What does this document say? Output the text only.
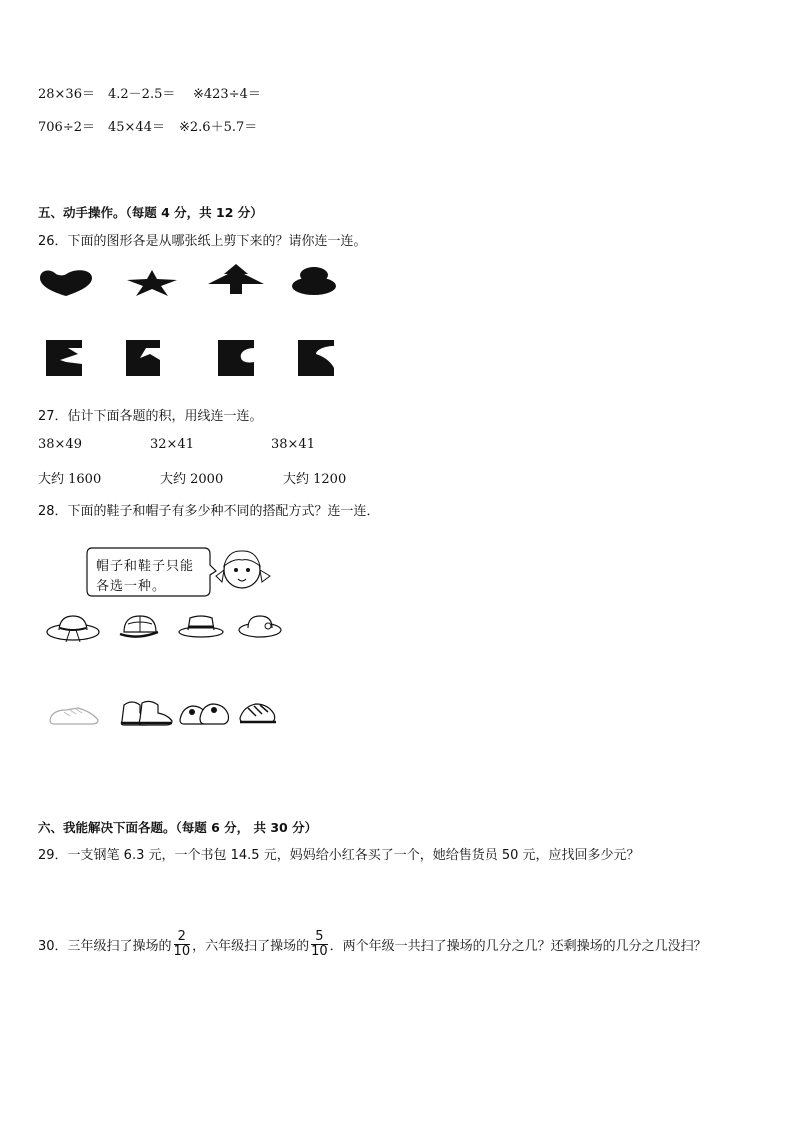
28×36＝ 4.2－2.5＝ ※423÷4＝
706÷2＝ 45×44＝ ※2.6＋5.7＝
五、动手操作。（每题 4 分，共 12 分）
26．下面的图形各是从哪张纸上剪下来的？请你连一连。
27．估计下面各题的积，用线连一连。
38×49	32×41	38×41
大约 1600	大约 2000	大约 1200
28．下面的鞋子和帽子有多少种不同的搭配方式？连一连．
帽子和鞋子只能
各选一种。
六、我能解决下面各题。（每题 6 分， 共 30 分）
29．一支钢笔 6.3 元，一个书包 14.5 元，妈妈给小红各买了一个，她给售货员 50 元，应找回多少元？
30．三年级扫了操场的 $\frac{2}{10}$ ，六年级扫了操场的 $\frac{5}{10}$ ．两个年级一共扫了操场的几分之几？还剩操场的几分之几没扫？
